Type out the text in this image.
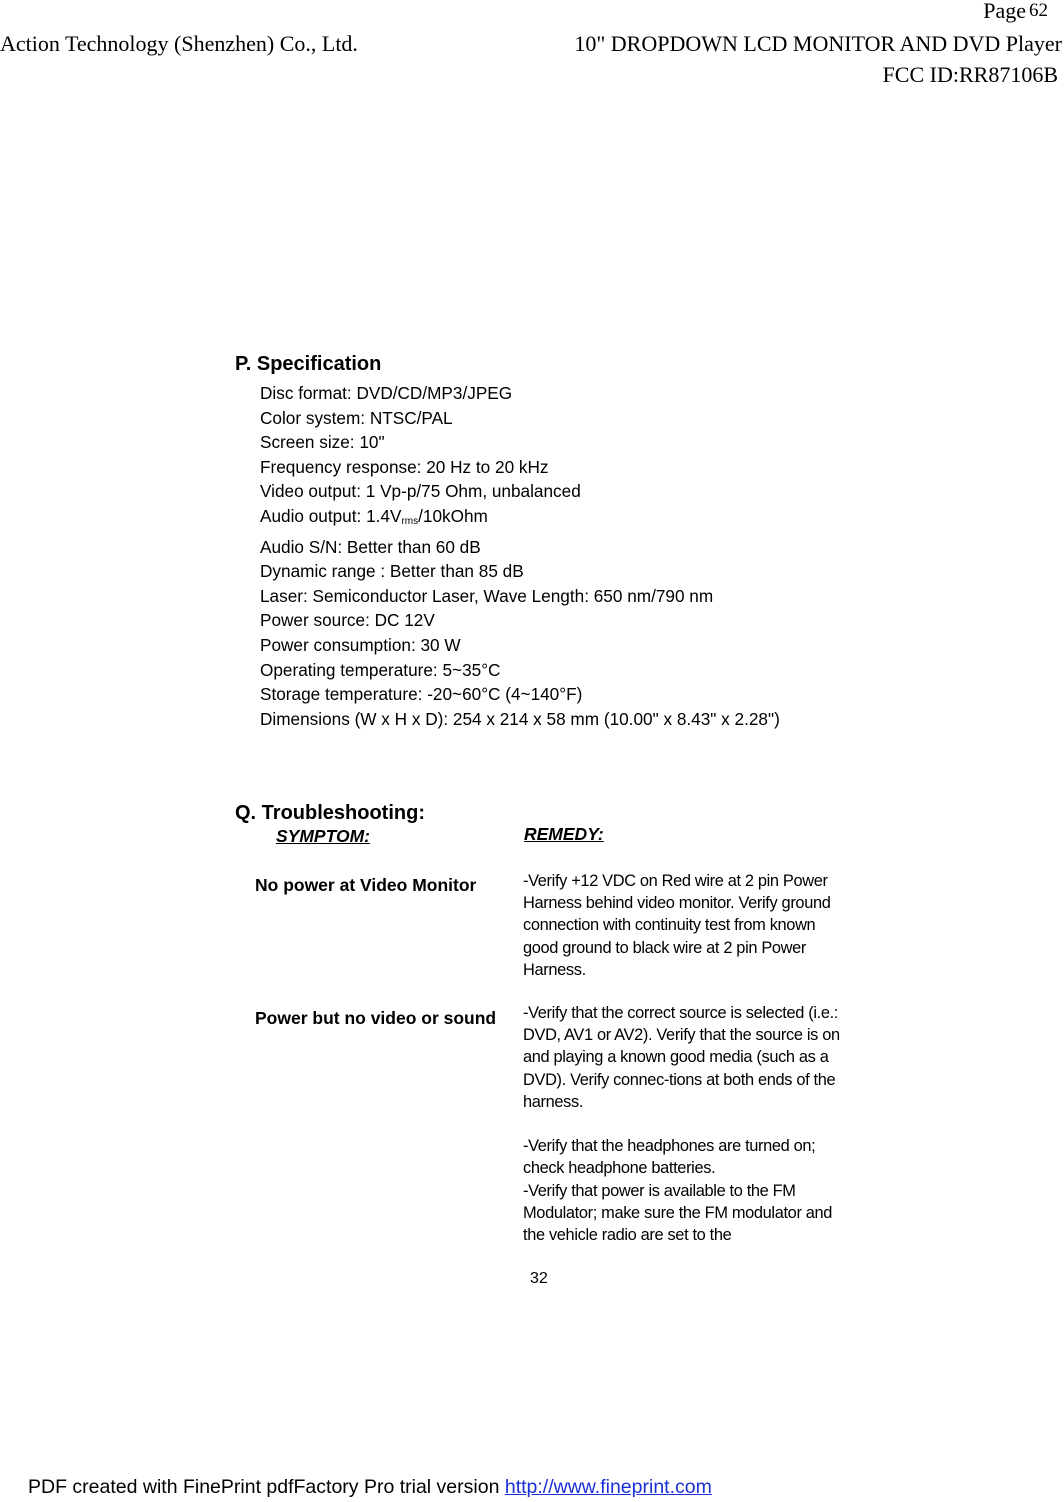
Page 62
Action Technology (Shenzhen) Co., Ltd.	10" DROPDOWN LCD MONITOR AND DVD Player
FCC ID:RR87106B
P. Specification
Disc format: DVD/CD/MP3/JPEG
Color system: NTSC/PAL
Screen size: 10"
Frequency response: 20 Hz to 20 kHz
Video output: 1 Vp-p/75 Ohm, unbalanced
Audio output: $1.4V_{rms}/10kOhm$
Audio S/N: Better than 60 dB
Dynamic range : Better than 85 dB
Laser: Semiconductor Laser, Wave Length: 650 nm/790 nm
Power source: DC 12V
Power consumption: 30 W
Operating temperature: 5~35°C
Storage temperature: -20~60°C (4~140°F)
Dimensions (W x H x D): 254 x 214 x 58 mm (10.00" x 8.43" x 2.28")
Q. Troubleshooting:
SYMPTOM:	REMEDY:
No power at Video Monitor
Power but no video or sound

-Verify +12 VDC on Red wire at 2 pin Power Harness behind video monitor. Verify ground connection with continuity test from known good ground to black wire at 2 pin Power Harness.

-Verify that the correct source is selected (i.e.: DVD, AV1 or AV2). Verify that the source is on and playing a known good media (such as a DVD). Verify connec-tions at both ends of the harness.

-Verify that the headphones are turned on; check headphone batteries.

-Verify that power is available to the FM Modulator; make sure the FM modulator and the vehicle radio are set to the

32
PDF created with FinePrint pdfFactory Pro trial version http://www.fineprint.com
